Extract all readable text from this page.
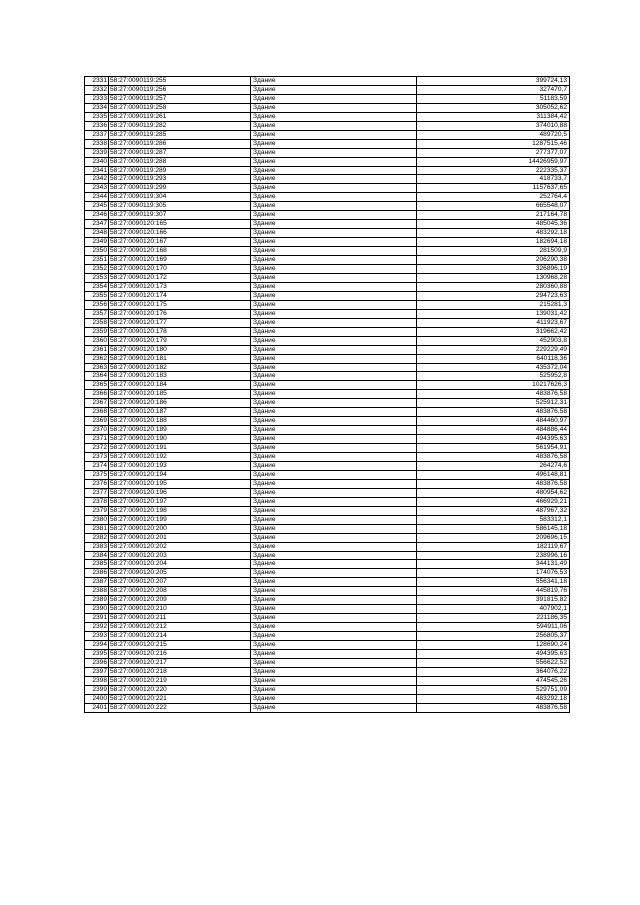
2331	58:27:0090119:255	Здание	399724,13
2332	58:27:0090119:256	Здание	327470,7
2333	58:27:0090119:257	Здание	51183,59
2334	58:27:0090119:258	Здание	305052,62
2335	58:27:0090119:261	Здание	311384,42
2336	58:27:0090119:282	Здание	374010,88
2337	58:27:0090119:285	Здание	489720,5
2338	58:27:0090119:286	Здание	1287515,46
2339	58:27:0090119:287	Здание	277377,07
2340	58:27:0090119:288	Здание	14426959,97
2341	58:27:0090119:289	Здание	222335,37
2342	58:27:0090119:293	Здание	418733,7
2343	58:27:0090119:299	Здание	1157637,65
2344	58:27:0090119:304	Здание	252764,4
2345	58:27:0090119:305	Здание	665548,07
2346	58:27:0090119:307	Здание	217164,78
2347	58:27:0090120:165	Здание	485045,36
2348	58:27:0090120:166	Здание	483292,18
2349	58:27:0090120:167	Здание	182694,18
2350	58:27:0090120:168	Здание	281509,9
2351	58:27:0090120:169	Здание	206290,38
2352	58:27:0090120:170	Здание	326896,19
2353	58:27:0090120:172	Здание	130968,28
2354	58:27:0090120:173	Здание	280360,88
2355	58:27:0090120:174	Здание	294723,63
2356	58:27:0090120:175	Здание	215281,3
2357	58:27:0090120:176	Здание	139031,42
2358	58:27:0090120:177	Здание	411923,67
2359	58:27:0090120:178	Здание	319662,42
2360	58:27:0090120:179	Здание	452903,8
2361	58:27:0090120:180	Здание	229229,49
2362	58:27:0090120:181	Здание	640118,36
2363	58:27:0090120:182	Здание	435372,04
2364	58:27:0090120:183	Здание	525952,8
2365	58:27:0090120:184	Здание	10217626,3
2366	58:27:0090120:185	Здание	483876,58
2367	58:27:0090120:186	Здание	525912,31
2368	58:27:0090120:187	Здание	483876,58
2369	58:27:0090120:188	Здание	484460,97
2370	58:27:0090120:189	Здание	484886,44
2371	58:27:0090120:190	Здание	494395,63
2372	58:27:0090120:191	Здание	561954,91
2373	58:27:0090120:192	Здание	483876,58
2374	58:27:0090120:193	Здание	264274,6
2375	58:27:0090120:194	Здание	496148,81
2376	58:27:0090120:195	Здание	483876,58
2377	58:27:0090120:196	Здание	480954,62
2378	58:27:0090120:197	Здание	466929,21
2379	58:27:0090120:198	Здание	487967,32
2380	58:27:0090120:199	Здание	583312,1
2381	58:27:0090120:200	Здание	586145,18
2382	58:27:0090120:201	Здание	209696,15
2383	58:27:0090120:202	Здание	182119,67
2384	58:27:0090120:203	Здание	238996,16
2385	58:27:0090120:204	Здание	344131,49
2386	58:27:0090120:205	Здание	174076,53
2387	58:27:0090120:207	Здание	556341,18
2388	58:27:0090120:208	Здание	445819,76
2389	58:27:0090120:209	Здание	391815,82
2390	58:27:0090120:210	Здание	407902,1
2391	58:27:0090120:211	Здание	221186,35
2392	58:27:0090120:212	Здание	594911,06
2393	58:27:0090120:214	Здание	256805,37
2394	58:27:0090120:215	Здание	128690,24
2395	58:27:0090120:216	Здание	494395,63
2396	58:27:0090120:217	Здание	556622,52
2397	58:27:0090120:218	Здание	364076,22
2398	58:27:0090120:219	Здание	474545,26
2399	58:27:0090120:220	Здание	529751,09
2400	58:27:0090120:221	Здание	483292,18
2401	58:27:0090120:222	Здание	483876,58
